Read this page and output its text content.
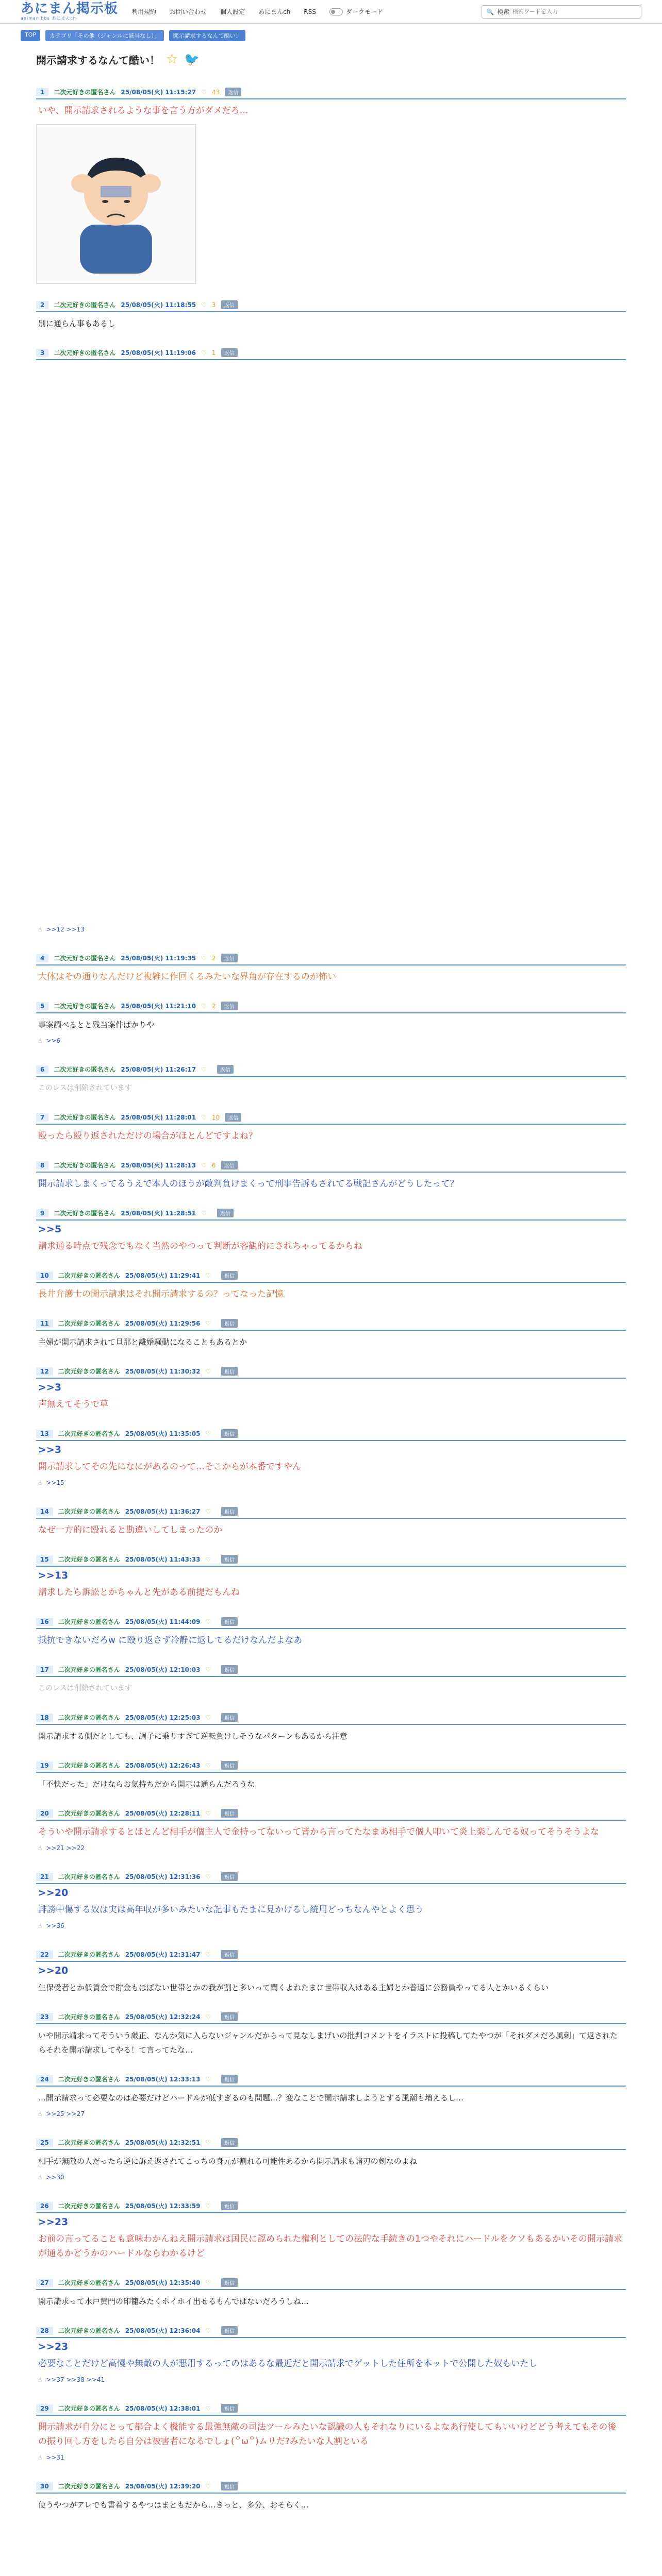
あにまん掲示板
animan bbs あにまんch
利用規約 お問い合わせ 個人設定 あにまんch RSS	ダークモード	🔍 検索
検索ワードを入力
TOP	カテゴリ「その他（ジャンルに該当なし）」	開示請求するなんて酷い！
開示請求するなんて酷い！ ☆ 🐦
1	二次元好きの匿名さん 25/08/05(火) 11:15:27 ♡ 43	返信
いや、開示請求されるような事を言う方がダメだろ…
2	二次元好きの匿名さん 25/08/05(火) 11:18:55 ♡ 3	返信
別に通らん事もあるし
3	二次元好きの匿名さん 25/08/05(火) 11:19:06 ♡ 1	返信
☝ >>12 >>13
4	二次元好きの匿名さん 25/08/05(火) 11:19:35 ♡ 2	返信
大体はその通りなんだけど複雑に作回くるみたいな界角が存在するのが怖い
5	二次元好きの匿名さん 25/08/05(火) 11:21:10 ♡ 2	返信
事案調べるとと残当案件ばかりや
☝ >>6
6	二次元好きの匿名さん 25/08/05(火) 11:26:17 ♡	返信
このレスは削除されています
7	二次元好きの匿名さん 25/08/05(火) 11:28:01 ♡ 10	返信
殴ったら殴り返されただけの場合がほとんどですよね？
8	二次元好きの匿名さん 25/08/05(火) 11:28:13 ♡ 6	返信
開示請求しまくってるうえで本人のほうが敵判負けまくって刑事告訴もされてる戦記さんがどうしたって？
9	二次元好きの匿名さん 25/08/05(火) 11:28:51 ♡	返信
>>5
請求通る時点で残念でもなく当然のやつって判断が客観的にされちゃってるからね
10	二次元好きの匿名さん 25/08/05(火) 11:29:41 ♡	返信
長井弁護士の開示請求はそれ開示請求するの？ってなった記憶
11	二次元好きの匿名さん 25/08/05(火) 11:29:56 ♡	返信
主婦が開示請求されて旦那と離婚騒動になることもあるとか
12	二次元好きの匿名さん 25/08/05(火) 11:30:32 ♡	返信
>>3
声無えてそうで草
13	二次元好きの匿名さん 25/08/05(火) 11:35:05 ♡	返信
>>3
開示請求してその先になにがあるのって…そこからが本番ですやん
☝ >>15
14	二次元好きの匿名さん 25/08/05(火) 11:36:27 ♡	返信
なぜ一方的に殴れると勘違いしてしまったのか
15	二次元好きの匿名さん 25/08/05(火) 11:43:33 ♡	返信
>>13
請求したら訴訟とかちゃんと先がある前提だもんね
16	二次元好きの匿名さん 25/08/05(火) 11:44:09 ♡	返信
抵抗できないだろw に殴り返さず冷静に返してるだけなんだよなあ
17	二次元好きの匿名さん 25/08/05(火) 12:10:03 ♡	返信
このレスは削除されています
18	二次元好きの匿名さん 25/08/05(火) 12:25:03 ♡	返信
開示請求する側だとしても、調子に乗りすぎて逆転負けしそうなパターンもあるから注意
19	二次元好きの匿名さん 25/08/05(火) 12:26:43 ♡	返信
「不快だった」だけならお気持ちだから開示は通らんだろうな
20	二次元好きの匿名さん 25/08/05(火) 12:28:11 ♡	返信
そういや開示請求するとほとんど相手が個主人で金持ってないって皆から言ってたなまあ相手で個人叩いて炎上楽しんでる奴ってそうそうよな
☝ >>21 >>22
21	二次元好きの匿名さん 25/08/05(火) 12:31:36 ♡	返信
>>20
誹謗中傷する奴は実は高年収が多いみたいな記事もたまに見かけるし統用どっちなんやとよく思う
☝ >>36
22	二次元好きの匿名さん 25/08/05(火) 12:31:47 ♡	返信
>>20
生保受者とか低賃金で貯金もほぼない世帯とかの我が割と多いって聞くよねたまに世帯収入はある主婦とか普通に公務員やってる人とかいるくらい
23	二次元好きの匿名さん 25/08/05(火) 12:32:24 ♡	返信
いや開示請求ってそういう厳正、なんか気に入らないジャンルだからって見なしまげいの批判コメントをイラストに投稿してたやつが「それダメだろ風刺」て返されたらそれを開示請求してやる！て言ってたな…
24	二次元好きの匿名さん 25/08/05(火) 12:33:13 ♡	返信
…開示請求って必要なのは必要だけどハードルが低すぎるのも問題…？変なことで開示請求しようとする風潮も増えるし…
☝ >>25 >>27
25	二次元好きの匿名さん 25/08/05(火) 12:32:51 ♡	返信
相手が無敵の人だったら逆に訴え返されてこっちの身元が割れる可能性あるから開示請求も諸刃の剣なのよね
☝ >>30
26	二次元好きの匿名さん 25/08/05(火) 12:33:59 ♡	返信
>>23
お前の言ってることも意味わかんねえ開示請求は国民に認められた権利としての法的な手続きの1つやそれにハードルをクソもあるかいその開示請求が通るかどうかのハードルならわかるけど
27	二次元好きの匿名さん 25/08/05(火) 12:35:40 ♡	返信
開示請求って水戸黄門の印籠みたくホイホイ出せるもんではないだろうしね…
28	二次元好きの匿名さん 25/08/05(火) 12:36:04 ♡	返信
>>23
必要なことだけど高慢や無敵の人が悪用するってのはあるな最近だと開示請求でゲットした住所を本ットで公開した奴もいたし
☝ >>37 >>38 >>41
29	二次元好きの匿名さん 25/08/05(火) 12:38:01 ♡	返信
開示請求が自分にとって都合よく機能する最強無敵の司法ツールみたいな認識の人もそれなりにいるよなあ行使してもいいけどどう考えてもその後の振り回し方をしたら自分は被害者になるでしょ(꒪ω꒪)ムリだ?みたいな人割といる
☝ >>31
30	二次元好きの匿名さん 25/08/05(火) 12:39:20 ♡	返信
使うやつがアレでも書着するやつはまともだから…きっと、多分、おそらく…
